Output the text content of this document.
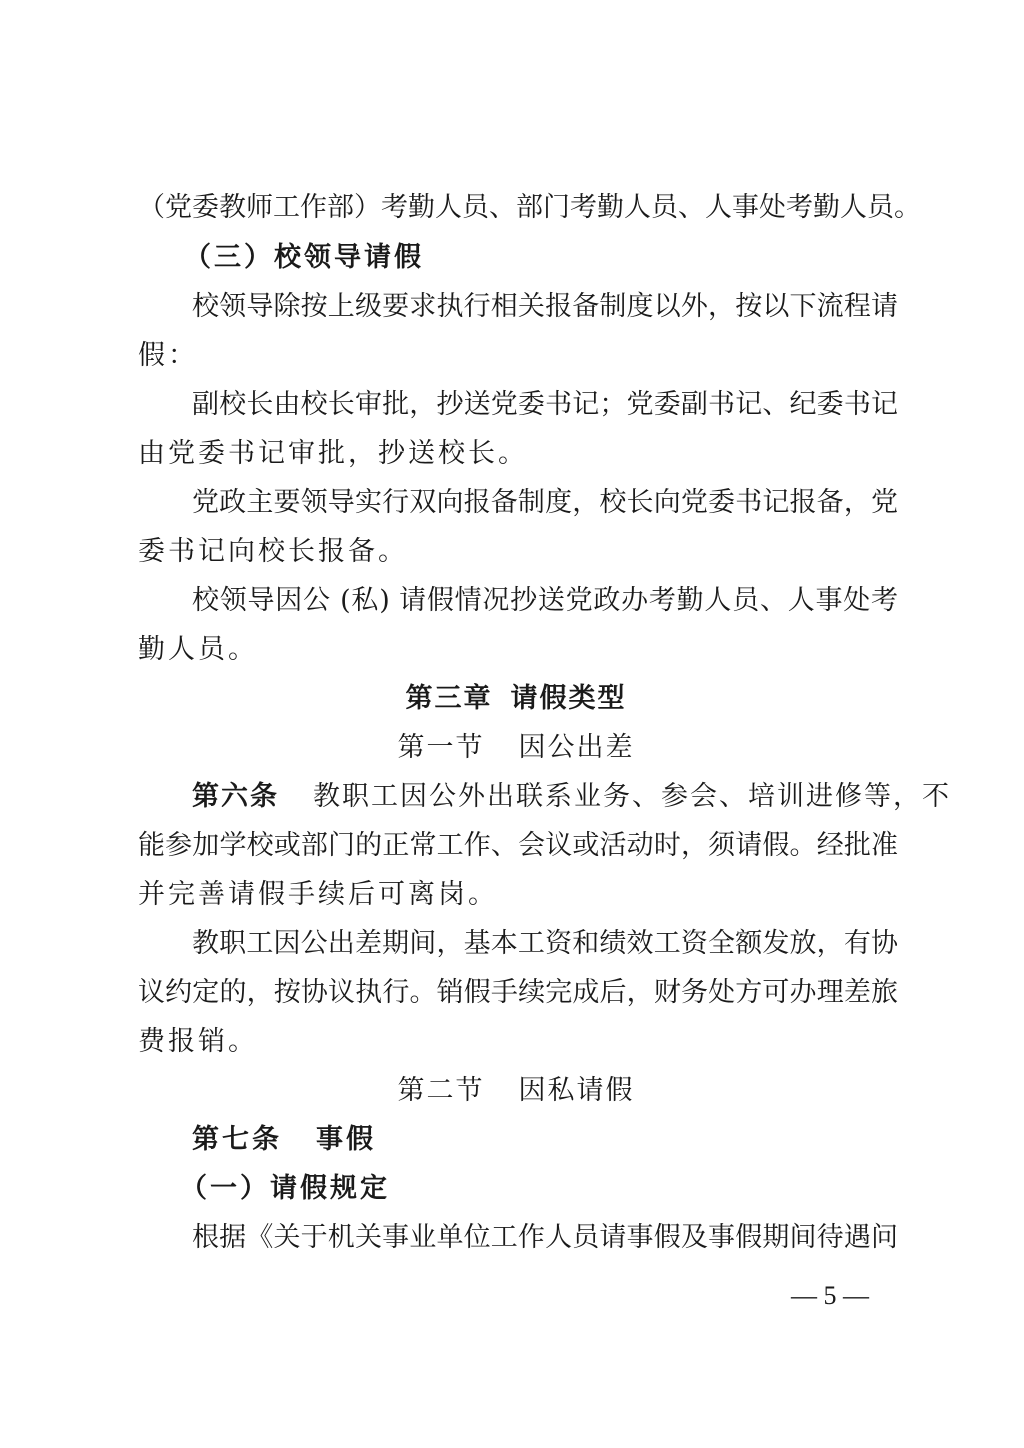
（党委教师工作部）考勤人员、部门考勤人员、人事处考勤人员。
（三）校领导请假
校领导除按上级要求执行相关报备制度以外，按以下流程请
假：
副校长由校长审批，抄送党委书记；党委副书记、纪委书记
由党委书记审批，抄送校长。
党政主要领导实行双向报备制度，校长向党委书记报备，党
委书记向校长报备。
校领导因公 (私) 请假情况抄送党政办考勤人员、人事处考
勤人员。
第三章 请假类型
第一节 因公出差
第六条 教职工因公外出联系业务、参会、培训进修等，不
能参加学校或部门的正常工作、会议或活动时，须请假。经批准
并完善请假手续后可离岗。
教职工因公出差期间，基本工资和绩效工资全额发放，有协
议约定的，按协议执行。销假手续完成后，财务处方可办理差旅
费报销。
第二节 因私请假
第七条 事假
（一）请假规定
根据《关于机关事业单位工作人员请事假及事假期间待遇问
— 5 —
